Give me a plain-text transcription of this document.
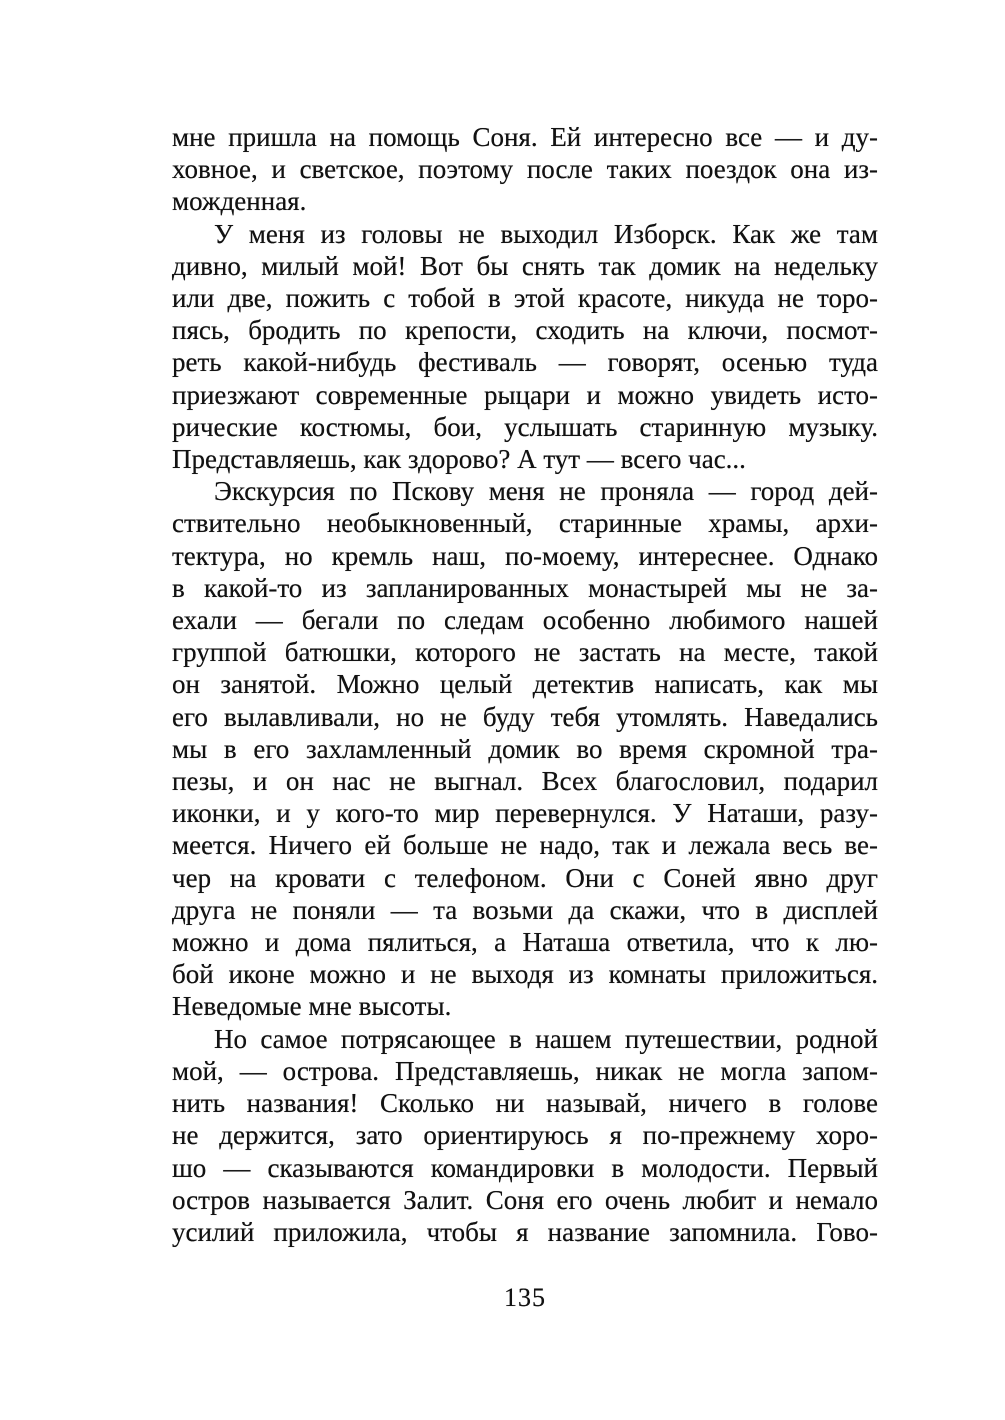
мне пришла на помощь Соня. Ей интересно все — и ду-
ховное, и светское, поэтому после таких поездок она из-
можденная.
У меня из головы не выходил Изборск. Как же там
дивно, милый мой! Вот бы снять так домик на недельку
или две, пожить с тобой в этой красоте, никуда не торо-
пясь, бродить по крепости, сходить на ключи, посмот-
реть какой-нибудь фестиваль — говорят, осенью туда
приезжают современные рыцари и можно увидеть исто-
рические костюмы, бои, услышать старинную музыку.
Представляешь, как здорово? А тут — всего час...
Экскурсия по Пскову меня не проняла — город дей-
ствительно необыкновенный, старинные храмы, архи-
тектура, но кремль наш, по-моему, интереснее. Однако
в какой-то из запланированных монастырей мы не за-
ехали — бегали по следам особенно любимого нашей
группой батюшки, которого не застать на месте, такой
он занятой. Можно целый детектив написать, как мы
его вылавливали, но не буду тебя утомлять. Наведались
мы в его захламленный домик во время скромной тра-
пезы, и он нас не выгнал. Всех благословил, подарил
иконки, и у кого-то мир перевернулся. У Наташи, разу-
меется. Ничего ей больше не надо, так и лежала весь ве-
чер на кровати с телефоном. Они с Соней явно друг
друга не поняли — та возьми да скажи, что в дисплей
можно и дома пялиться, а Наташа ответила, что к лю-
бой иконе можно и не выходя из комнаты приложиться.
Неведомые мне высоты.
Но самое потрясающее в нашем путешествии, родной
мой, — острова. Представляешь, никак не могла запом-
нить названия! Сколько ни называй, ничего в голове
не держится, зато ориентируюсь я по-прежнему хоро-
шо — сказываются командировки в молодости. Первый
остров называется Залит. Соня его очень любит и немало
усилий приложила, чтобы я название запомнила. Гово-
135
